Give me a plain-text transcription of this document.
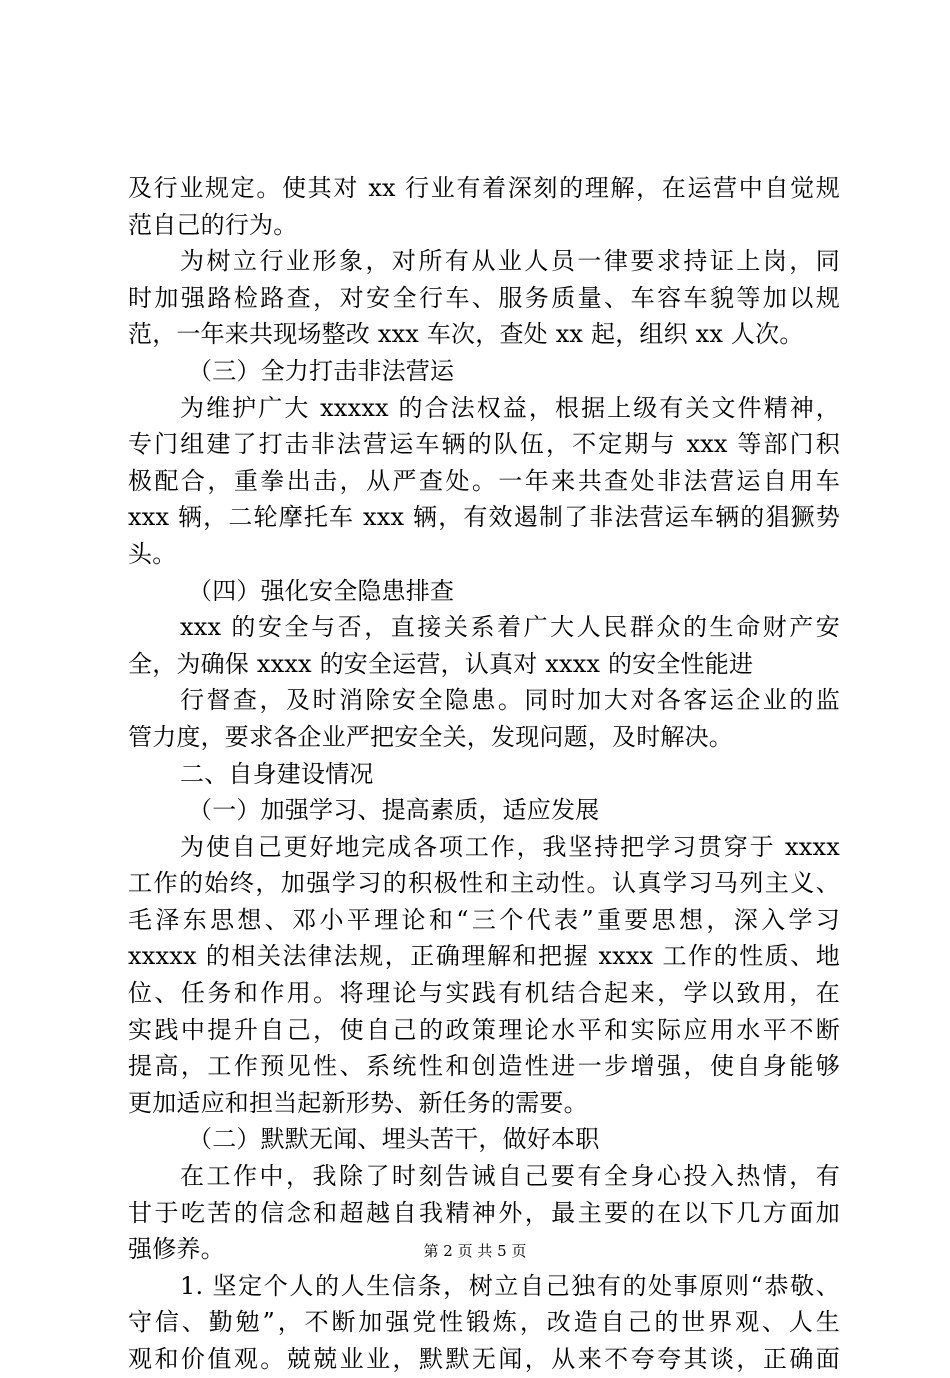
及行业规定。使其对 xx 行业有着深刻的理解，在运营中自觉规
范自己的行为。
为树立行业形象，对所有从业人员一律要求持证上岗，同
时加强路检路查，对安全行车、服务质量、车容车貌等加以规
范，一年来共现场整改 xxx 车次，查处 xx 起，组织 xx 人次。
（三）全力打击非法营运
为维护广大 xxxxx 的合法权益，根据上级有关文件精神，
专门组建了打击非法营运车辆的队伍，不定期与 xxx 等部门积
极配合，重拳出击，从严查处。一年来共查处非法营运自用车
xxx 辆，二轮摩托车 xxx 辆，有效遏制了非法营运车辆的猖獗势
头。
（四）强化安全隐患排查
xxx 的安全与否，直接关系着广大人民群众的生命财产安
全，为确保 xxxx 的安全运营，认真对 xxxx 的安全性能进
行督查，及时消除安全隐患。同时加大对各客运企业的监
管力度，要求各企业严把安全关，发现问题，及时解决。
二、自身建设情况
（一）加强学习、提高素质，适应发展
为使自己更好地完成各项工作，我坚持把学习贯穿于 xxxx
工作的始终，加强学习的积极性和主动性。认真学习马列主义、
毛泽东思想、邓小平理论和“三个代表”重要思想，深入学习
xxxxx 的相关法律法规，正确理解和把握 xxxx 工作的性质、地
位、任务和作用。将理论与实践有机结合起来，学以致用，在
实践中提升自己，使自己的政策理论水平和实际应用水平不断
提高，工作预见性、系统性和创造性进一步增强，使自身能够
更加适应和担当起新形势、新任务的需要。
（二）默默无闻、埋头苦干，做好本职
在工作中，我除了时刻告诫自己要有全身心投入热情，有
甘于吃苦的信念和超越自我精神外，最主要的在以下几方面加
强修养。
1. 坚定个人的人生信条，树立自己独有的处事原则“恭敬、
守信、勤勉”，不断加强党性锻炼，改造自己的世界观、人生
观和价值观。兢兢业业，默默无闻，从来不夸夸其谈，正确面
第 2 页 共 5 页
